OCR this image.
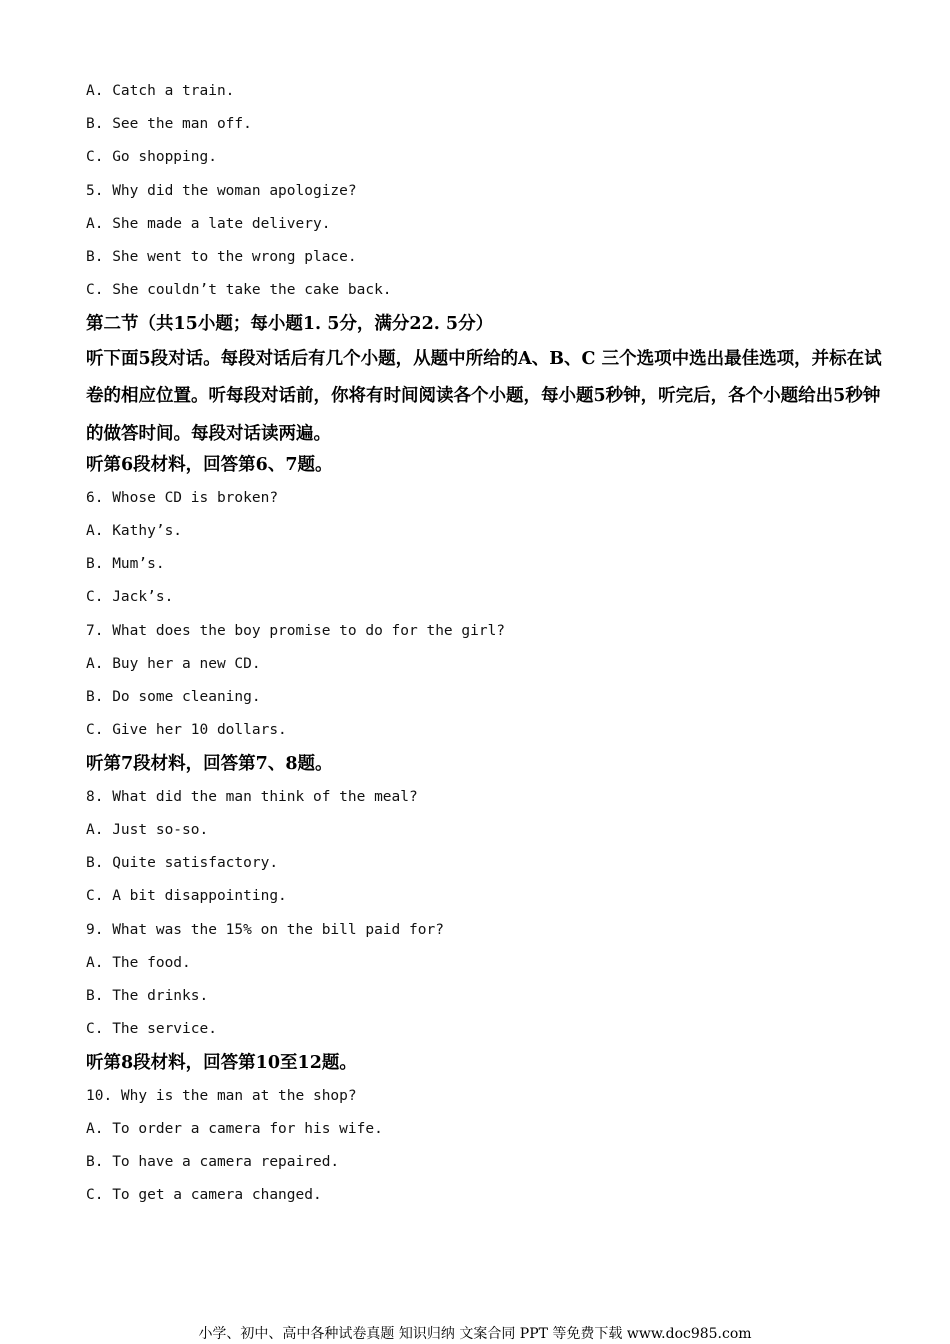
A. Catch a train.
B. See the man off.
C. Go shopping.
5. Why did the woman apologize?
A. She made a late delivery.
B. She went to the wrong place.
C. She couldn’t take the cake back.
第二节（共15小题；每小题1. 5分，满分22. 5分）
听下面5段对话。每段对话后有几个小题，从题中所给的A、B、C 三个选项中选出最佳选项，并标在试卷的相应位置。听每段对话前，你将有时间阅读各个小题，每小题5秒钟，听完后，各个小题给出5秒钟的做答时间。每段对话读两遍。
听第6段材料，回答第6、7题。
6. Whose CD is broken?
A. Kathy’s.
B. Mum’s.
C. Jack’s.
7. What does the boy promise to do for the girl?
A. Buy her a new CD.
B. Do some cleaning.
C. Give her 10 dollars.
听第7段材料，回答第7、8题。
8. What did the man think of the meal?
A. Just so-so.
B. Quite satisfactory.
C. A bit disappointing.
9. What was the 15% on the bill paid for?
A. The food.
B. The drinks.
C. The service.
听第8段材料，回答第10至12题。
10. Why is the man at the shop?
A. To order a camera for his wife.
B. To have a camera repaired.
C. To get a camera changed.
小学、初中、高中各种试卷真题 知识归纳 文案合同 PPT 等免费下载 www.doc985.com
